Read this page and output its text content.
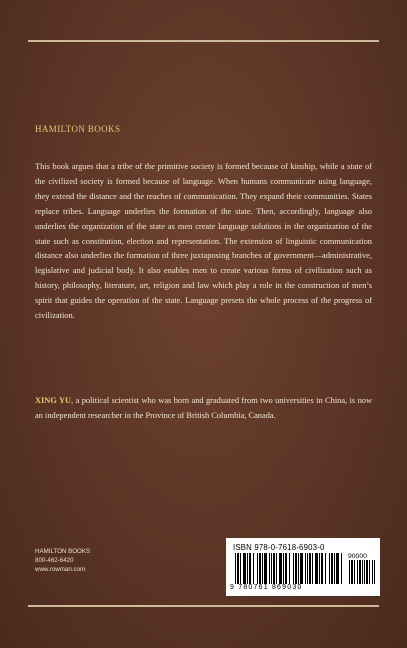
HAMILTON BOOKS

This book argues that a tribe of the primitive society is formed because of kinship, while a state of the civilized society is formed because of language. When humans communicate using language, they extend the distance and the reaches of communication. They expand their communities. States replace tribes. Language underlies the formation of the state. Then, accordingly, language also underlies the organization of the state as men create language solutions in the organization of the state such as constitution, election and representation. The extension of linguistic communication distance also underlies the formation of three juxtaposing branches of government—administrative, legislative and judicial body. It also enables men to create various forms of civilization such as history, philosophy, literature, art, religion and law which play a role in the construction of men’s spirit that guides the operation of the state. Language presets the whole process of the progress of civilization.

XING YU, a political scientist who was born and graduated from two universities in China, is now an independent researcher in the Province of British Columbia, Canada.

HAMILTON BOOKS
800-462-6420
www.rowman.com
ISBN 978-0-7618-6903-0
90000
9 780761 869030
